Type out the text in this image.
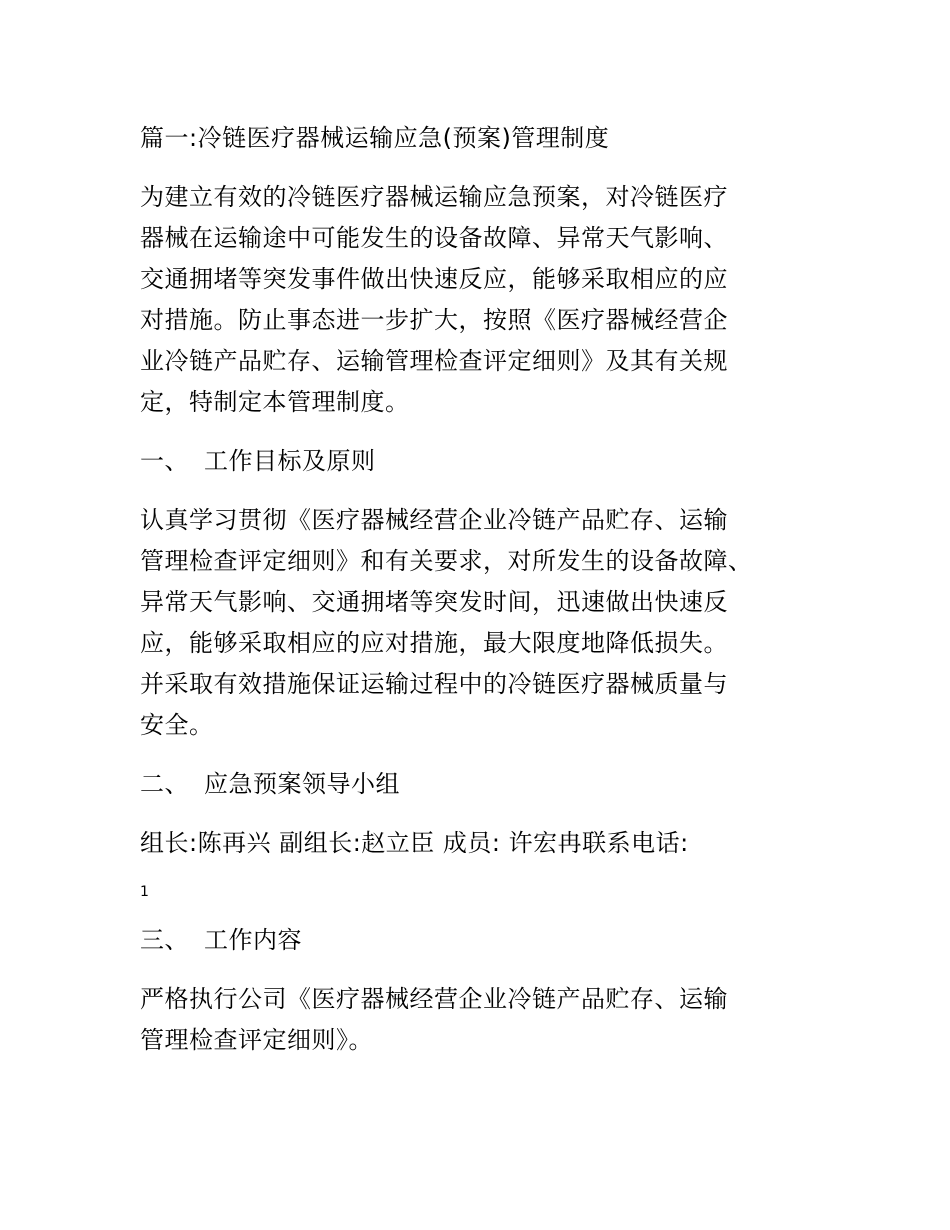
篇一:冷链医疗器械运输应急(预案)管理制度
为建立有效的冷链医疗器械运输应急预案，对冷链医疗
器械在运输途中可能发生的设备故障、异常天气影响、
交通拥堵等突发事件做出快速反应，能够采取相应的应
对措施。防止事态进一步扩大，按照《医疗器械经营企
业冷链产品贮存、运输管理检查评定细则》及其有关规
定，特制定本管理制度。
一、 工作目标及原则
认真学习贯彻《医疗器械经营企业冷链产品贮存、运输
管理检查评定细则》和有关要求，对所发生的设备故障、
异常天气影响、交通拥堵等突发时间，迅速做出快速反
应，能够采取相应的应对措施，最大限度地降低损失。
并采取有效措施保证运输过程中的冷链医疗器械质量与
安全。
二、 应急预案领导小组
组长:陈再兴 副组长:赵立臣 成员: 许宏冉联系电话:
1
三、 工作内容
严格执行公司《医疗器械经营企业冷链产品贮存、运输
管理检查评定细则》。
